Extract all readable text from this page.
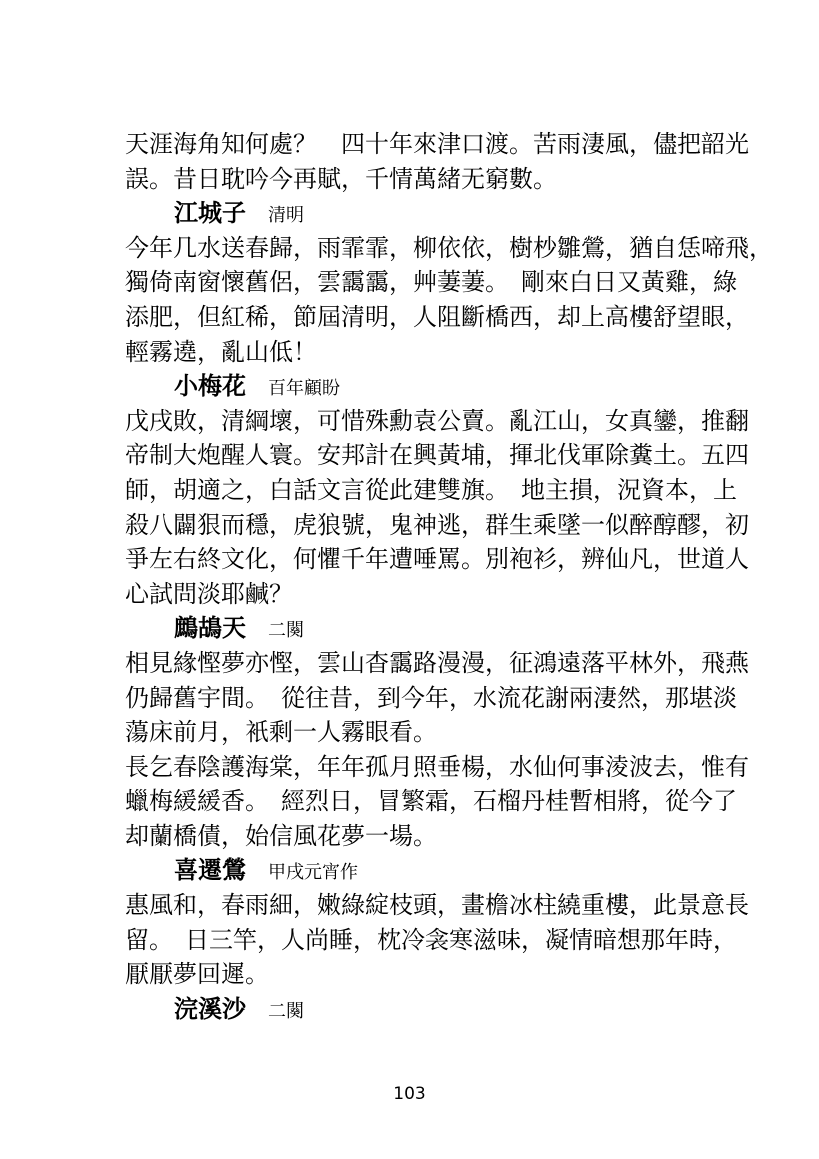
天涯海角知何處？　四十年來津口渡。苦雨淒風，儘把韶光
誤。昔日耽吟今再賦，千情萬緒无窮數。
江城子 清明
今年几水送春歸，雨霏霏，柳依依，樹杪雛鶯，猶自恁啼飛，
獨倚南窗懷舊侶，雲靄靄，艸萋萋。　剛來白日又黃雞，綠
添肥，但紅稀，節屆清明，人阻斷橋西，却上高樓舒望眼，
輕霧遶，亂山低！
小梅花 百年顧盼
戊戌敗，清綱壞，可惜殊勳袁公賣。亂江山，女真鑾，推翻
帝制大炮醒人寰。安邦計在興黃埔，揮北伐軍除糞土。五四
師，胡適之，白話文言從此建雙旗。　地主損，況資本，上
殺八闢狠而穩，虎狼號，鬼神逃，群生乘墜一似醉醇醪，初
爭左右終文化，何懼千年遭唾罵。別袍衫，辨仙凡，世道人
心試問淡耶鹹？
鷓鴣天 二闋
相見緣慳夢亦慳，雲山杳靄路漫漫，征鴻遠落平林外，飛燕
仍歸舊宇間。　從往昔，到今年，水流花謝兩淒然，那堪淡
蕩床前月，衹剩一人霧眼看。
長乞春陰護海棠，年年孤月照垂楊，水仙何事淩波去，惟有
蠟梅緩緩香。　經烈日，冒繁霜，石榴丹桂暫相將，從今了
却蘭橋債，始信風花夢一場。
喜遷鶯 甲戌元宵作
惠風和，春雨細，嫩綠綻枝頭，畫檐冰柱繞重樓，此景意長
留。　日三竿，人尚睡，枕冷衾寒滋味，凝情暗想那年時，
厭厭夢回遲。
浣溪沙 二闋
103
